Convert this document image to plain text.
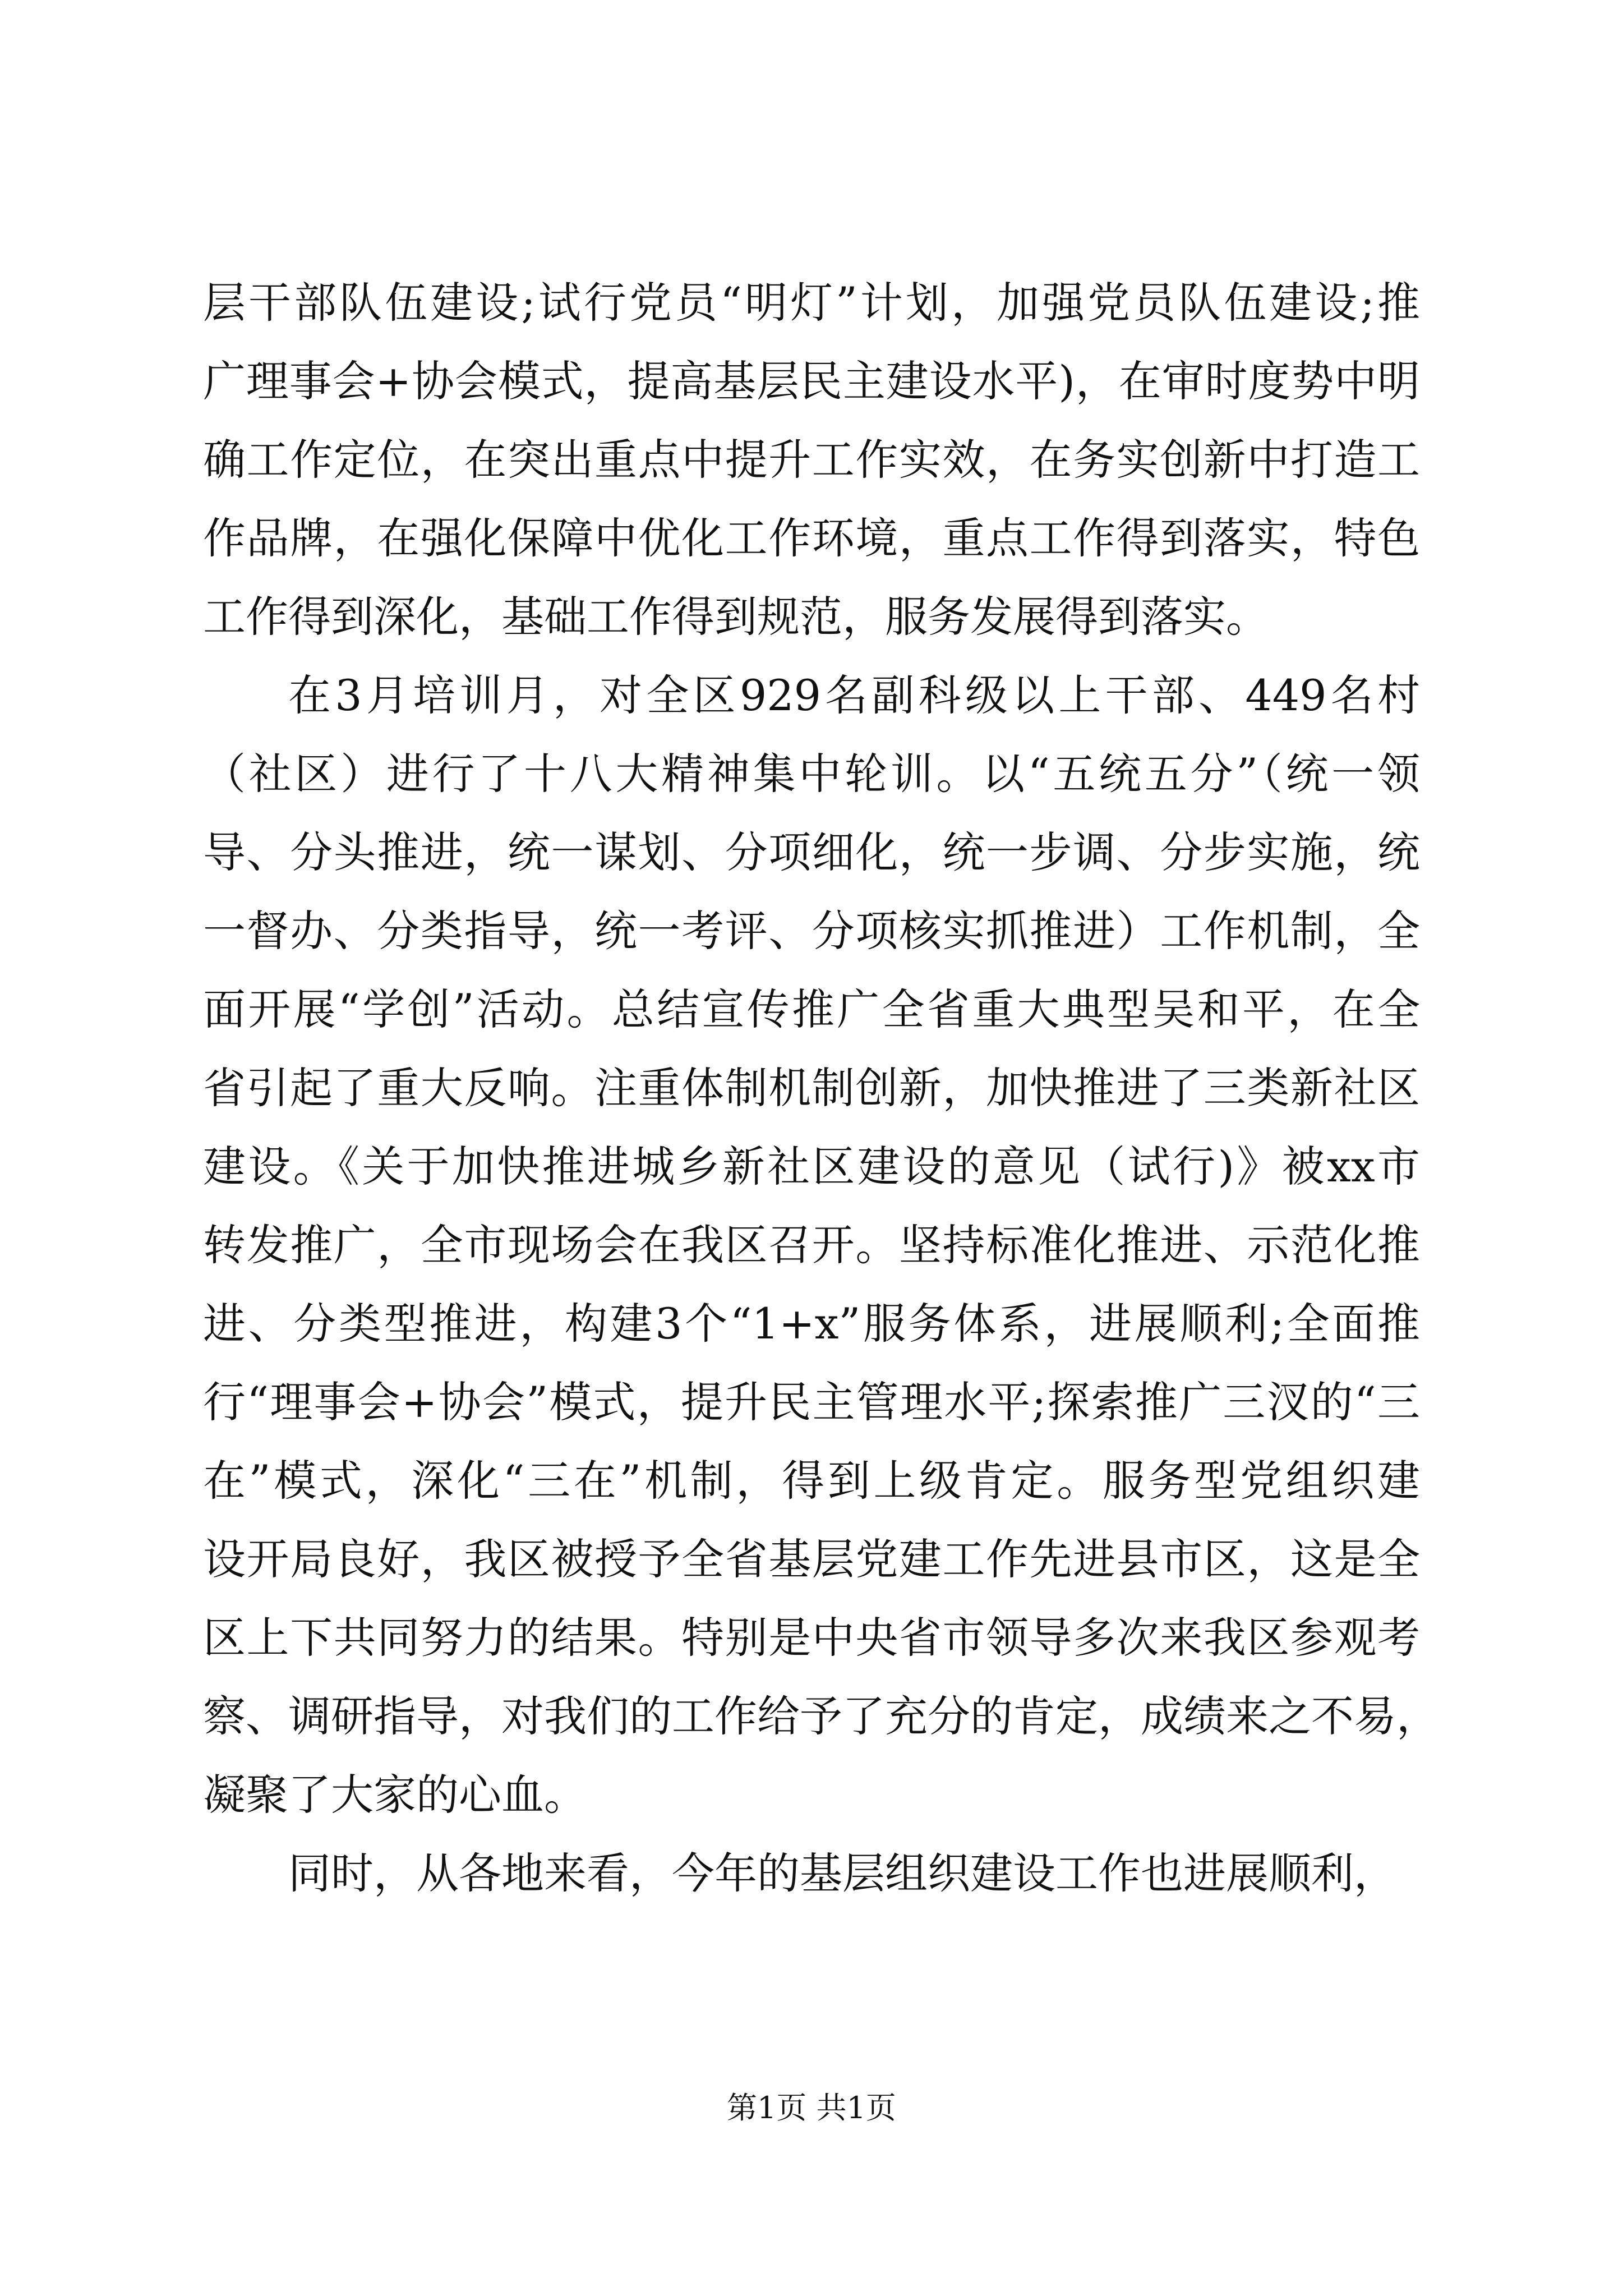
层干部队伍建设;试行党员“明灯”计划，加强党员队伍建设;推
广理事会+协会模式，提高基层民主建设水平)，在审时度势中明
确工作定位，在突出重点中提升工作实效，在务实创新中打造工
作品牌，在强化保障中优化工作环境，重点工作得到落实，特色
工作得到深化，基础工作得到规范，服务发展得到落实。
在3月培训月，对全区929名副科级以上干部、449名村
（社区）进行了十八大精神集中轮训。以“五统五分”（统一领
导、分头推进，统一谋划、分项细化，统一步调、分步实施，统
一督办、分类指导，统一考评、分项核实抓推进）工作机制，全
面开展“学创”活动。总结宣传推广全省重大典型吴和平，在全
省引起了重大反响。注重体制机制创新，加快推进了三类新社区
建设。《关于加快推进城乡新社区建设的意见（试行)》被xx市
转发推广，全市现场会在我区召开。坚持标准化推进、示范化推
进、分类型推进，构建3个“1+x”服务体系，进展顺利;全面推
行“理事会+协会”模式，提升民主管理水平;探索推广三汊的“三
在”模式，深化“三在”机制，得到上级肯定。服务型党组织建
设开局良好，我区被授予全省基层党建工作先进县市区，这是全
区上下共同努力的结果。特别是中央省市领导多次来我区参观考
察、调研指导，对我们的工作给予了充分的肯定，成绩来之不易，
凝聚了大家的心血。
同时，从各地来看，今年的基层组织建设工作也进展顺利，
第1页 共1页
